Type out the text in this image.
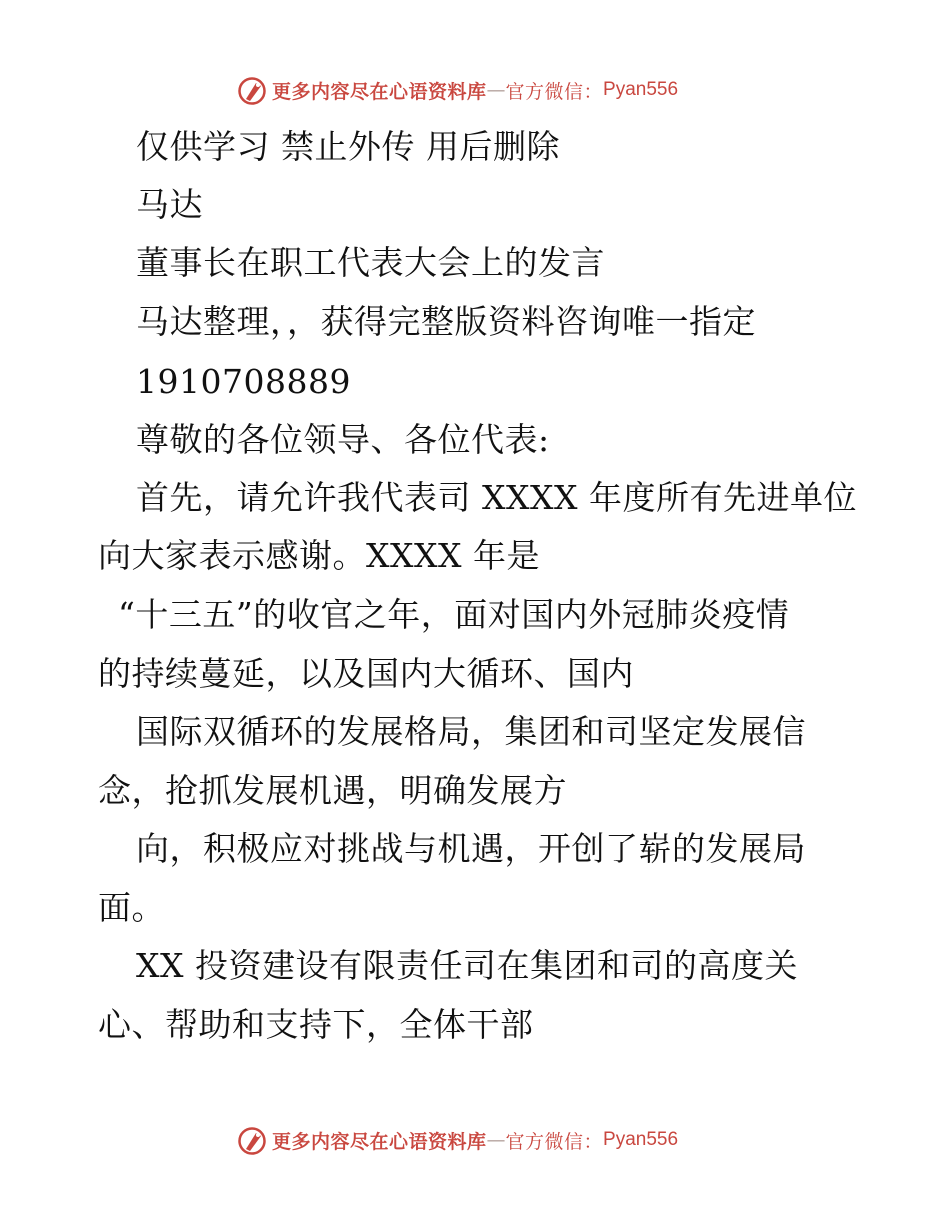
更多内容尽在心语资料库 — 官方微信： Pyan556
仅供学习 禁止外传 用后删除
马达
董事长在职工代表大会上的发言
马达整理，，获得完整版资料咨询唯一指定
1910708889
尊敬的各位领导、各位代表:
首先，请允许我代表司 XXXX 年度所有先进单位
向大家表示感谢。XXXX 年是
“十三五”的收官之年，面对国内外冠肺炎疫情
的持续蔓延，以及国内大循环、国内
国际双循环的发展格局，集团和司坚定发展信
念，抢抓发展机遇，明确发展方
向，积极应对挑战与机遇，开创了崭的发展局
面。
XX 投资建设有限责任司在集团和司的高度关
心、帮助和支持下，全体干部
更多内容尽在心语资料库 — 官方微信： Pyan556
